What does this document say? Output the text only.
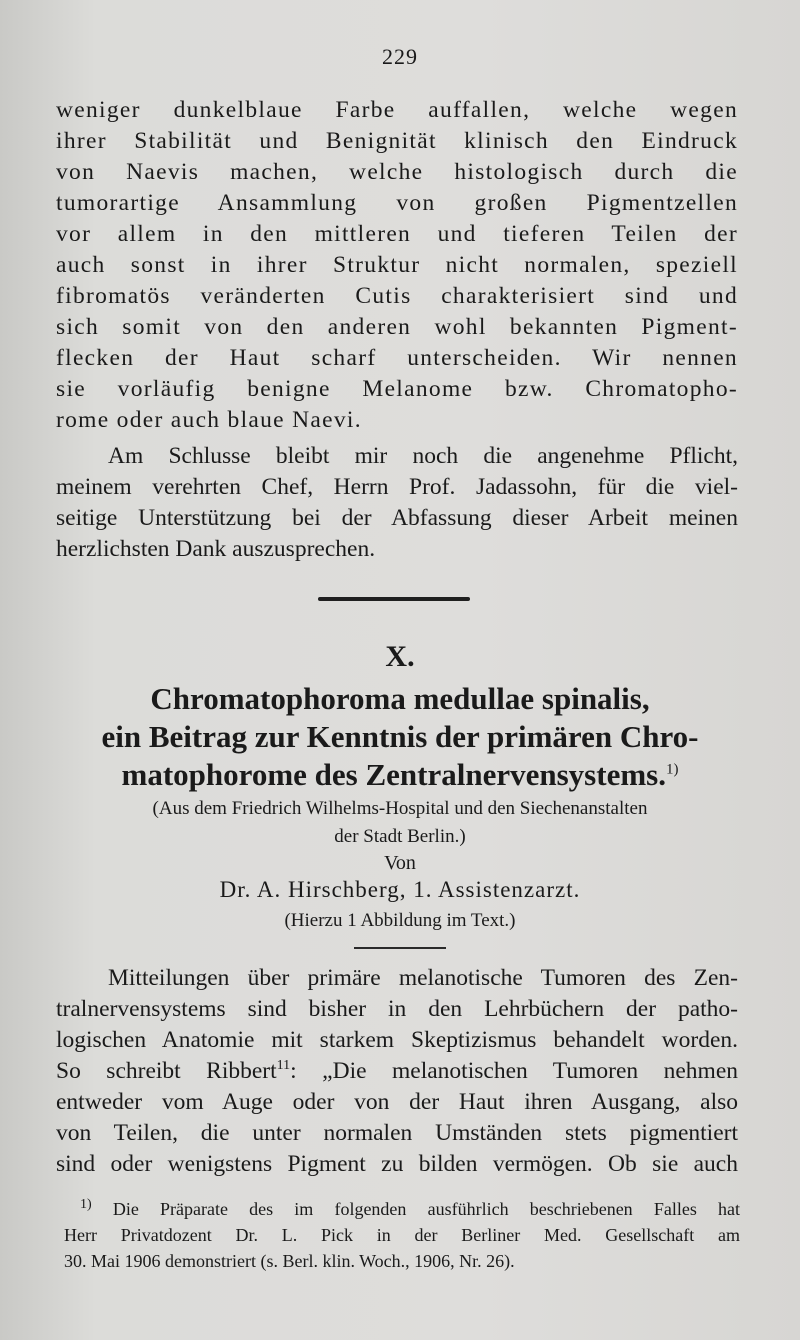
229

weniger dunkelblaue Farbe auffallen, welche wegen

ihrer Stabilität und Benignität klinisch den Eindruck

von Naevis machen, welche histologisch durch die

tumorartige Ansammlung von großen Pigmentzellen

vor allem in den mittleren und tieferen Teilen der

auch sonst in ihrer Struktur nicht normalen, speziell

fibromatös veränderten Cutis charakterisiert sind und

sich somit von den anderen wohl bekannten Pigment-

flecken der Haut scharf unterscheiden. Wir nennen

sie vorläufig benigne Melanome bzw. Chromatopho-

rome oder auch blaue Naevi.

Am Schlusse bleibt mir noch die angenehme Pflicht,

meinem verehrten Chef, Herrn Prof. Jadassohn, für die viel-

seitige Unterstützung bei der Abfassung dieser Arbeit meinen

herzlichsten Dank auszusprechen.

X.
Chromatophoroma medullae spinalis,
ein Beitrag zur Kenntnis der primären Chro-
matophorome des Zentralnervensystems.$^{1)}$
(Aus dem Friedrich Wilhelms-Hospital und den Siechenanstalten
der Stadt Berlin.)
Von
Dr. A. Hirschberg, 1. Assistenzarzt.
(Hierzu 1 Abbildung im Text.)

Mitteilungen über primäre melanotische Tumoren des Zen-

tralnervensystems sind bisher in den Lehrbüchern der patho-

logischen Anatomie mit starkem Skeptizismus behandelt worden.

So schreibt Ribbert$^{11}$: „Die melanotischen Tumoren nehmen

entweder vom Auge oder von der Haut ihren Ausgang, also

von Teilen, die unter normalen Umständen stets pigmentiert

sind oder wenigstens Pigment zu bilden vermögen. Ob sie auch

$^{1)}$ Die Präparate des im folgenden ausführlich beschriebenen Falles hat

Herr Privatdozent Dr. L. Pick in der Berliner Med. Gesellschaft am

30. Mai 1906 demonstriert (s. Berl. klin. Woch., 1906, Nr. 26).
